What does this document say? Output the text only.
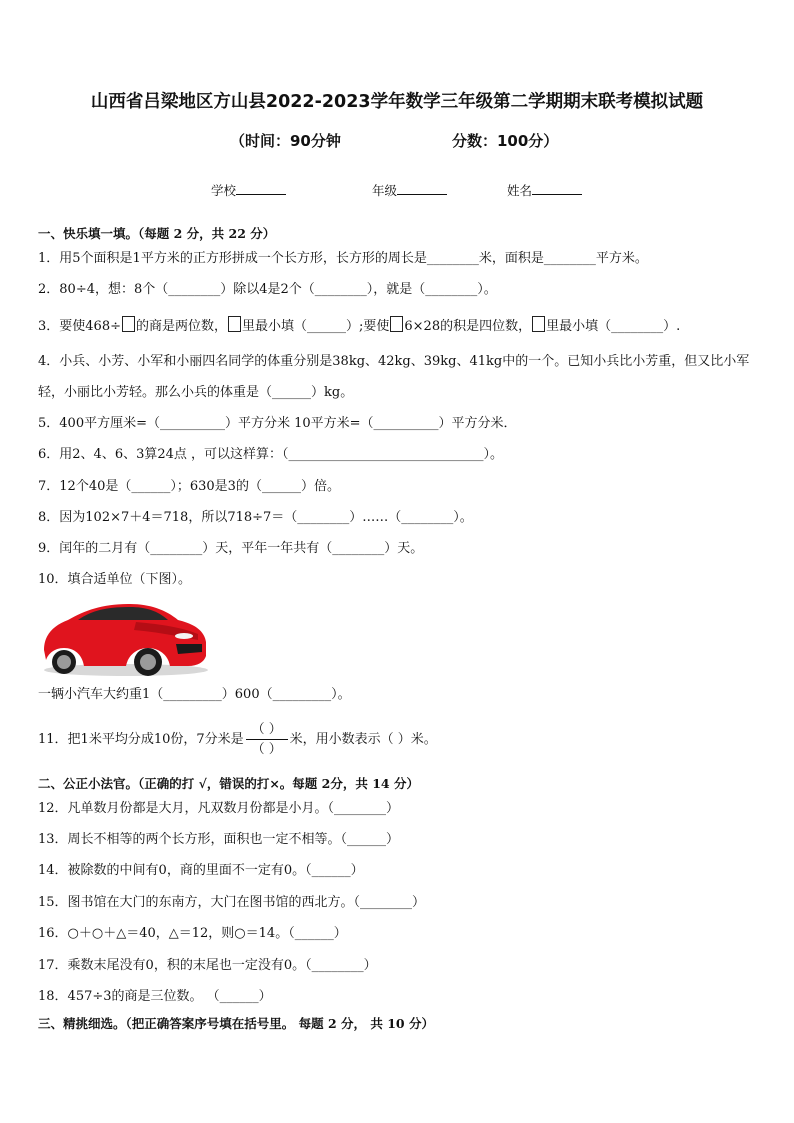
山西省吕梁地区方山县2022-2023学年数学三年级第二学期期末联考模拟试题
（时间：90分钟	分数：100分）
学校	年级	姓名
一、快乐填一填。（每题 2 分，共 22 分）
1．用5个面积是1平方米的正方形拼成一个长方形，长方形的周长是________米，面积是________平方米。
2．80÷4，想：8个（________）除以4是2个（________），就是（________）。
3．要使468÷ 的商是两位数， 里最小填（______）;要使 6×28的积是四位数， 里最小填（________）.
4．小兵、小芳、小军和小丽四名同学的体重分别是38kg、42kg、39kg、41kg中的一个。已知小兵比小芳重，但又比小军轻，小丽比小芳轻。那么小兵的体重是（______）kg。
5．400平方厘米=（__________）平方分米 10平方米=（__________）平方分米．
6．用2、4、6、3算24点 ，可以这样算：（______________________________）。
7．12个40是（______）；630是3的（______）倍。
8．因为102×7＋4＝718，所以718÷7＝（________）……（________）。
9．闰年的二月有（________）天，平年一年共有（________）天。
10．填合适单位（下图）。
一辆小汽车大约重1（_________）600（_________）。
11．把1米平均分成10份，7分米是 $\frac{( )}{( )}$ 米，用小数表示（ ）米。
二、公正小法官。（正确的打 √，错误的打×。每题 2分，共 14 分）
12．凡单数月份都是大月，凡双数月份都是小月。（________）
13．周长不相等的两个长方形，面积也一定不相等。（______）
14．被除数的中间有0，商的里面不一定有0。（______）
15．图书馆在大门的东南方，大门在图书馆的西北方。（________）
16．○＋○＋△＝40，△＝12，则○＝14。（______）
17．乘数末尾没有0，积的末尾也一定没有0。（________）
18．457÷3的商是三位数。 （______）
三、精挑细选。（把正确答案序号填在括号里。 每题 2 分， 共 10 分）
